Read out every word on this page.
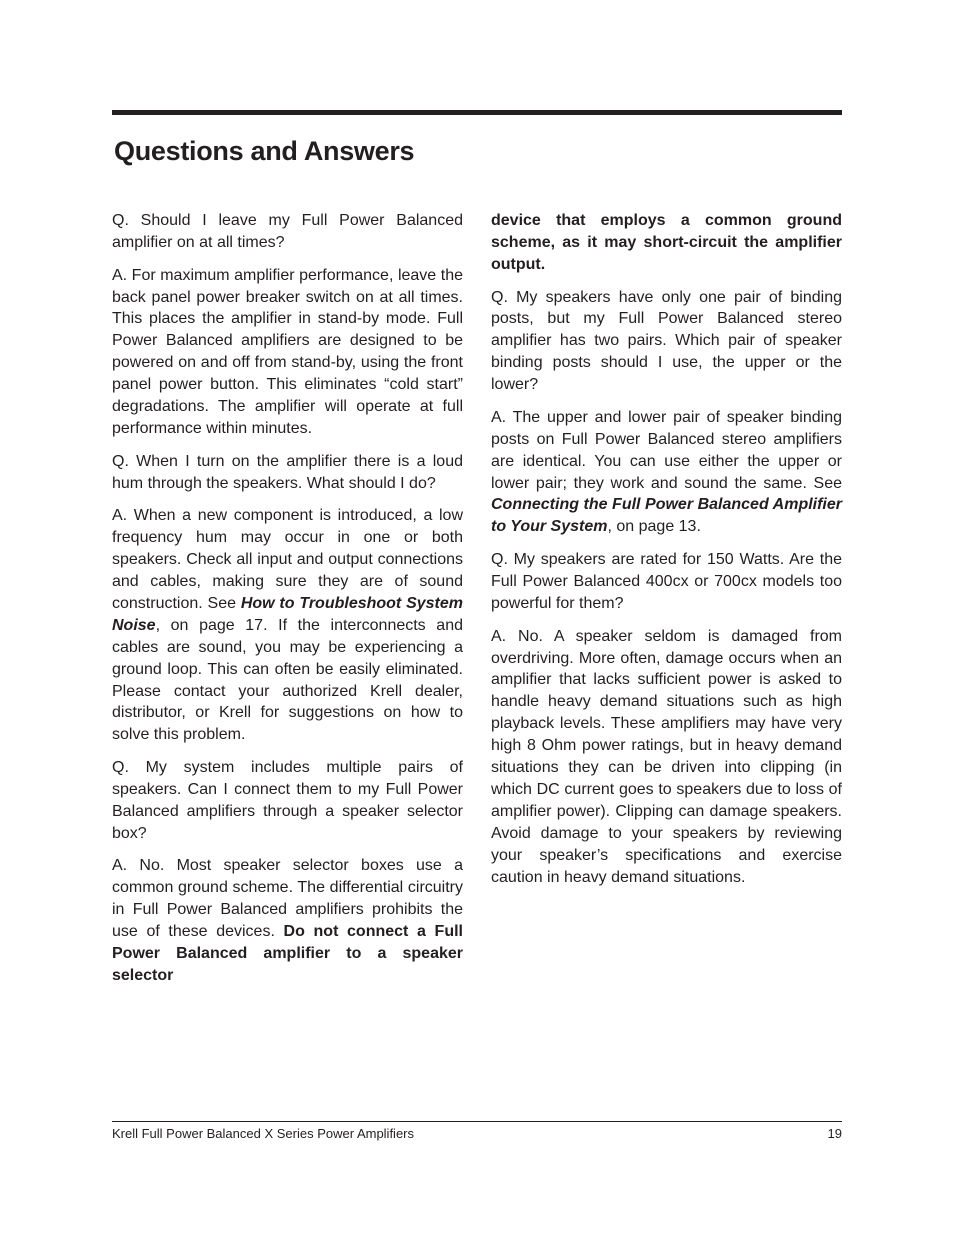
Questions and Answers

Q. Should I leave my Full Power Balanced amplifier on at all times?

A. For maximum amplifier performance, leave the back panel power breaker switch on at all times. This places the amplifier in stand-by mode. Full Power Balanced amplifiers are designed to be powered on and off from stand-by, using the front panel power button. This eliminates “cold start” degradations. The amplifier will operate at full performance within minutes.

Q. When I turn on the amplifier there is a loud hum through the speakers. What should I do?

A. When a new component is introduced, a low frequency hum may occur in one or both speakers. Check all input and output connections and cables, making sure they are of sound construction. See How to Troubleshoot System Noise, on page 17. If the interconnects and cables are sound, you may be experiencing a ground loop. This can often be easily eliminated. Please contact your authorized Krell dealer, distributor, or Krell for suggestions on how to solve this problem.

Q. My system includes multiple pairs of speakers. Can I connect them to my Full Power Balanced amplifiers through a speaker selector box?

A. No. Most speaker selector boxes use a common ground scheme. The differential circuitry in Full Power Balanced amplifiers prohibits the use of these devices. Do not connect a Full Power Balanced amplifier to a speaker selector

device that employs a common ground scheme, as it may short-circuit the amplifier output.

Q. My speakers have only one pair of binding posts, but my Full Power Balanced stereo amplifier has two pairs. Which pair of speaker binding posts should I use, the upper or the lower?

A. The upper and lower pair of speaker binding posts on Full Power Balanced stereo amplifiers are identical. You can use either the upper or lower pair; they work and sound the same. See Connecting the Full Power Balanced Amplifier to Your System, on page 13.

Q. My speakers are rated for 150 Watts. Are the Full Power Balanced 400cx or 700cx models too powerful for them?

A. No. A speaker seldom is damaged from overdriving. More often, damage occurs when an amplifier that lacks sufficient power is asked to handle heavy demand situations such as high playback levels. These amplifiers may have very high 8 Ohm power ratings, but in heavy demand situations they can be driven into clipping (in which DC current goes to speakers due to loss of amplifier power). Clipping can damage speakers. Avoid damage to your speakers by reviewing your speaker’s specifications and exercise caution in heavy demand situations.

Krell Full Power Balanced X Series Power Amplifiers	19
